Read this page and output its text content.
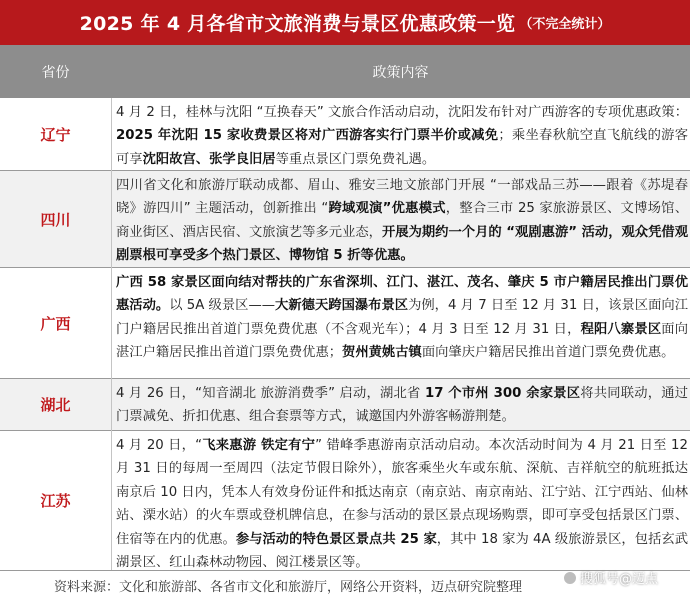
2025 年 4 月各省市文旅消费与景区优惠政策一览 （不完全统计）
省份	政策内容
辽宁
4 月 2 日，桂林与沈阳 “互换春天” 文旅合作活动启动，沈阳发布针对广西游客的专项优惠政策：2025 年沈阳 15 家收费景区将对广西游客实行门票半价或减免；乘坐春秋航空直飞航线的游客可享沈阳故宫、张学良旧居等重点景区门票免费礼遇。
四川
四川省文化和旅游厅联动成都、眉山、雅安三地文旅部门开展 “一部戏品三苏——跟着《苏堤春晓》游四川” 主题活动，创新推出 “跨域观演”优惠模式，整合三市 25 家旅游景区、文博场馆、商业街区、酒店民宿、文旅演艺等多元业态，开展为期约一个月的 “观剧惠游” 活动，观众凭借观剧票根可享受多个热门景区、博物馆 5 折等优惠。
广西
广西 58 家景区面向结对帮扶的广东省深圳、江门、湛江、茂名、肇庆 5 市户籍居民推出门票优惠活动。以 5A 级景区——大新德天跨国瀑布景区为例，4 月 7 日至 12 月 31 日，该景区面向江门户籍居民推出首道门票免费优惠（不含观光车）；4 月 3 日至 12 月 31 日，程阳八寨景区面向湛江户籍居民推出首道门票免费优惠；贺州黄姚古镇面向肇庆户籍居民推出首道门票免费优惠。
湖北
4 月 26 日，“知音湖北 旅游消费季” 启动，湖北省 17 个市州 300 余家景区将共同联动，通过门票减免、折扣优惠、组合套票等方式，诚邀国内外游客畅游荆楚。
江苏
4 月 20 日，“飞来惠游 铁定有宁” 错峰季惠游南京活动启动。本次活动时间为 4 月 21 日至 12 月 31 日的每周一至周四（法定节假日除外），旅客乘坐火车或东航、深航、吉祥航空的航班抵达南京后 10 日内，凭本人有效身份证件和抵达南京（南京站、南京南站、江宁站、江宁西站、仙林站、溧水站）的火车票或登机牌信息，在参与活动的景区景点现场购票，即可享受包括景区门票、住宿等在内的优惠。参与活动的特色景区景点共 25 家，其中 18 家为 4A 级旅游景区，包括玄武湖景区、红山森林动物园、阅江楼景区等。
资料来源：文化和旅游部、各省市文化和旅游厅，网络公开资料，迈点研究院整理
搜狐号@迈点
